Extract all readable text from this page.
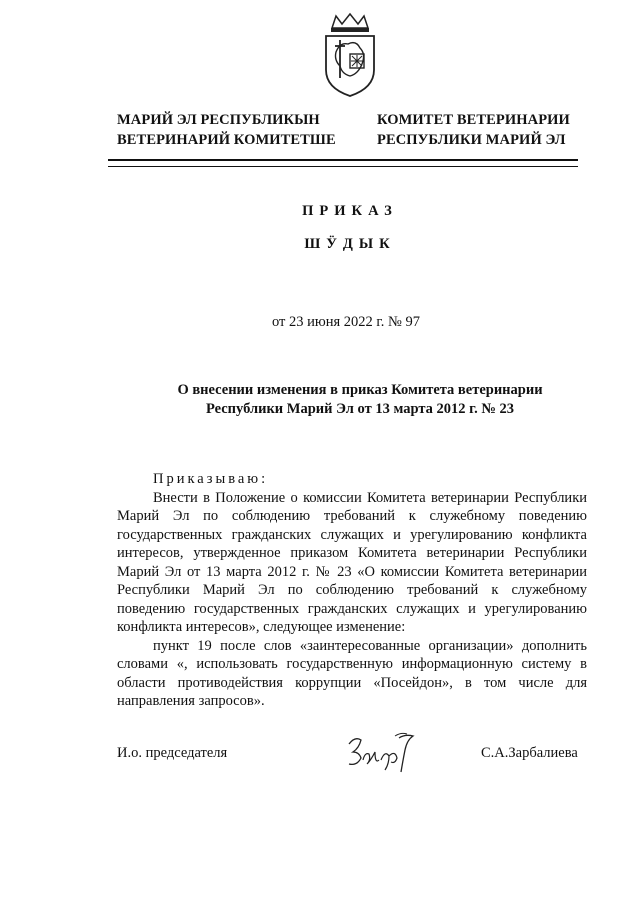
МАРИЙ ЭЛ РЕСПУБЛИКЫН
ВЕТЕРИНАРИЙ КОМИТЕТШЕ
КОМИТЕТ ВЕТЕРИНАРИИ
РЕСПУБЛИКИ МАРИЙ ЭЛ
ПРИКАЗ
ШӰДЫК
от 23 июня 2022 г. № 97
О внесении изменения в приказ Комитета ветеринарии
Республики Марий Эл от 13 марта 2012 г. № 23

Приказываю:

Внести в Положение о комиссии Комитета ветеринарии Республики Марий Эл по соблюдению требований к служебному поведению государственных гражданских служащих и урегулированию конфликта интересов, утвержденное приказом Комитета ветеринарии Республики Марий Эл от 13 марта 2012 г. № 23 «О комиссии Комитета ветеринарии Республики Марий Эл по соблюдению требований к служебному поведению государственных гражданских служащих и урегулированию конфликта интересов», следующее изменение:

пункт 19 после слов «заинтересованные организации» дополнить словами «, использовать государственную информационную систему в области противодействия коррупции «Посейдон», в том числе для направления запросов».

И.о. председателя	С.А.Зарбалиева
